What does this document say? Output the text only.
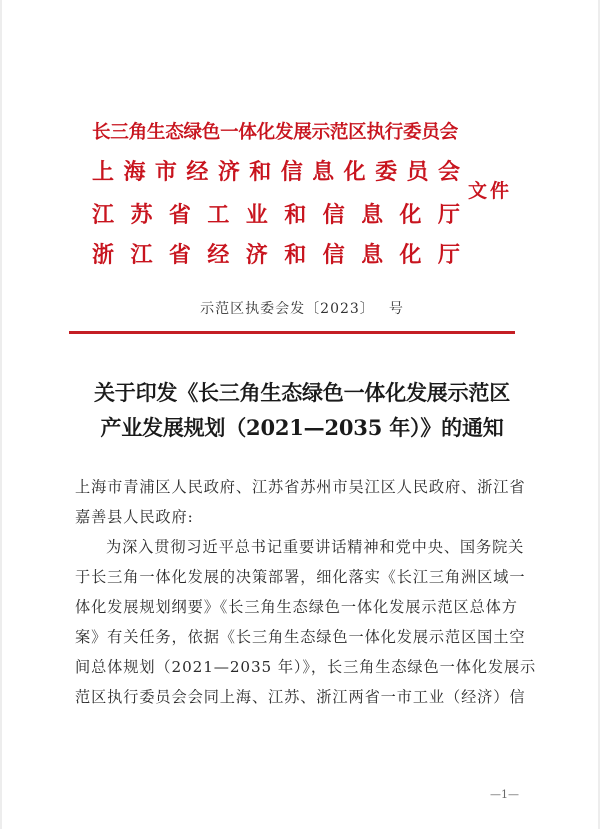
长 三 角 生 态 绿 色 一 体 化 发 展 示 范 区 执 行 委 员 会
上 海 市 经 济 和 信 息 化 委 员 会
江 苏 省 工 业 和 信 息 化 厅
浙 江 省 经 济 和 信 息 化 厅
文件
示范区执委会发〔2023〕 号
关于印发《长三角生态绿色一体化发展示范区
产业发展规划（2021—2035 年）》的通知
上海市青浦区人民政府、江苏省苏州市吴江区人民政府、浙江省
嘉善县人民政府:
为深入贯彻习近平总书记重要讲话精神和党中央、国务院关
于长三角一体化发展的决策部署，细化落实《长江三角洲区域一
体化发展规划纲要》《长三角生态绿色一体化发展示范区总体方
案》有关任务，依据《长三角生态绿色一体化发展示范区国土空
间总体规划（2021—2035 年）》，长三角生态绿色一体化发展示
范区执行委员会会同上海、江苏、浙江两省一市工业（经济）信
—1—
